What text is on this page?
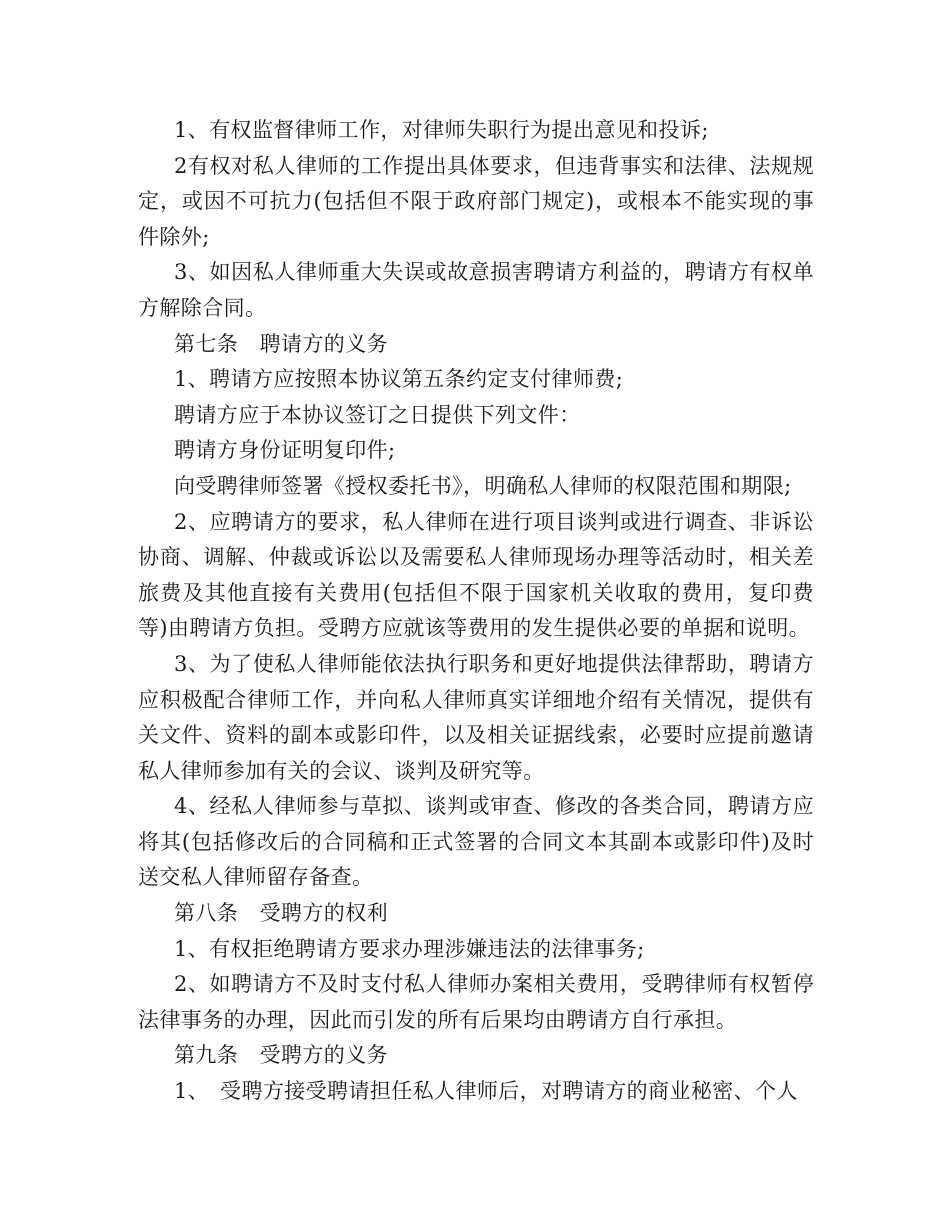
1、有权监督律师工作，对律师失职行为提出意见和投诉;

2有权对私人律师的工作提出具体要求，但违背事实和法律、法规规定，或因不可抗力(包括但不限于政府部门规定)，或根本不能实现的事件除外;

3、如因私人律师重大失误或故意损害聘请方利益的，聘请方有权单方解除合同。

第七条　聘请方的义务

1、聘请方应按照本协议第五条约定支付律师费;

聘请方应于本协议签订之日提供下列文件：

聘请方身份证明复印件;

向受聘律师签署《授权委托书》，明确私人律师的权限范围和期限;

2、应聘请方的要求，私人律师在进行项目谈判或进行调查、非诉讼协商、调解、仲裁或诉讼以及需要私人律师现场办理等活动时，相关差旅费及其他直接有关费用(包括但不限于国家机关收取的费用，复印费等)由聘请方负担。受聘方应就该等费用的发生提供必要的单据和说明。

3、为了使私人律师能依法执行职务和更好地提供法律帮助，聘请方应积极配合律师工作，并向私人律师真实详细地介绍有关情况，提供有关文件、资料的副本或影印件，以及相关证据线索，必要时应提前邀请私人律师参加有关的会议、谈判及研究等。

4、经私人律师参与草拟、谈判或审查、修改的各类合同，聘请方应将其(包括修改后的合同稿和正式签署的合同文本其副本或影印件)及时送交私人律师留存备查。

第八条　受聘方的权利

1、有权拒绝聘请方要求办理涉嫌违法的法律事务;

2、如聘请方不及时支付私人律师办案相关费用，受聘律师有权暂停法律事务的办理，因此而引发的所有后果均由聘请方自行承担。

第九条　受聘方的义务

1、　受聘方接受聘请担任私人律师后，对聘请方的商业秘密、个人
